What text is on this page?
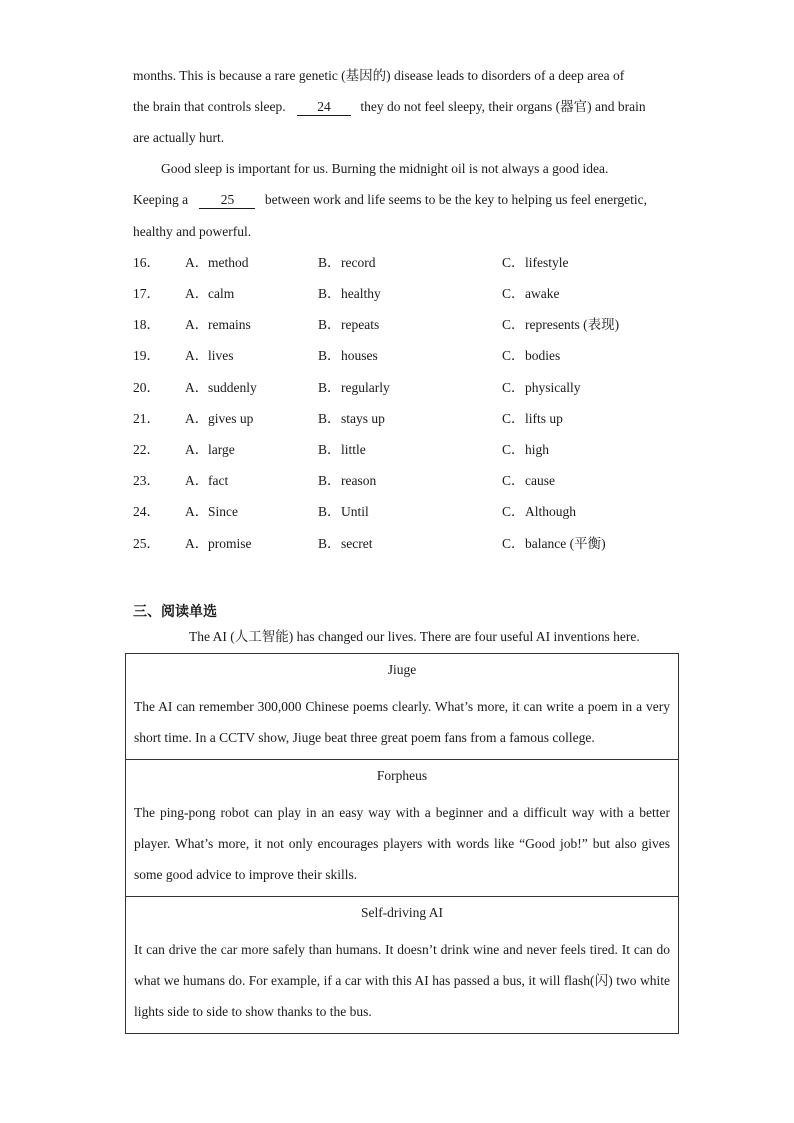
months. This is because a rare genetic (基因的) disease leads to disorders of a deep area of
the brain that controls sleep. 24 they do not feel sleepy, their organs (器官) and brain
are actually hurt.
Good sleep is important for us. Burning the midnight oil is not always a good idea.
Keeping a 25 between work and life seems to be the key to helping us feel energetic,
healthy and powerful.
16． A．method	B．record	C．lifestyle
17． A．calm	B．healthy	C．awake
18． A．remains	B．repeats	C．represents (表现)
19． A．lives	B．houses	C．bodies
20． A．suddenly	B．regularly	C．physically
21． A．gives up	B．stays up	C．lifts up
22． A．large	B．little	C．high
23． A．fact	B．reason	C．cause
24． A．Since	B．Until	C．Although
25． A．promise	B．secret	C．balance (平衡)
三、阅读单选
The AI (人工智能) has changed our lives. There are four useful AI inventions here.
Jiuge
The AI can remember 300,000 Chinese poems clearly. What’s more, it can write a poem in a very short time. In a CCTV show, Jiuge beat three great poem fans from a famous college.

Forpheus
The ping-pong robot can play in an easy way with a beginner and a difficult way with a better player. What’s more, it not only encourages players with words like “Good job!” but also gives some good advice to improve their skills.

Self-driving AI
It can drive the car more safely than humans. It doesn’t drink wine and never feels tired. It can do what we humans do. For example, if a car with this AI has passed a bus, it will flash(闪) two white lights side to side to show thanks to the bus.
